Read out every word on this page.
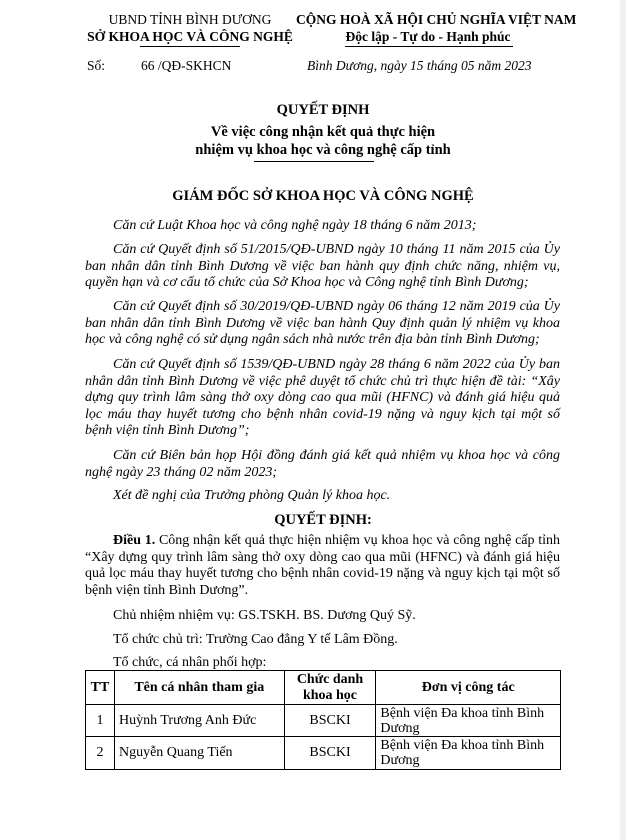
UBND TỈNH BÌNH DƯƠNG
SỞ KHOA HỌC VÀ CÔNG NGHỆ
CỘNG HOÀ XÃ HỘI CHỦ NGHĨA VIỆT NAM
Độc lập - Tự do - Hạnh phúc
Số:	66 /QĐ-SKHCN	Bình Dương, ngày 15 tháng 05 năm 2023
QUYẾT ĐỊNH
Về việc công nhận kết quả thực hiện
nhiệm vụ khoa học và công nghệ cấp tỉnh
GIÁM ĐỐC SỞ KHOA HỌC VÀ CÔNG NGHỆ
Căn cứ Luật Khoa học và công nghệ ngày 18 tháng 6 năm 2013;
Căn cứ Quyết định số 51/2015/QĐ-UBND ngày 10 tháng 11 năm 2015 của Ủy ban nhân dân tỉnh Bình Dương về việc ban hành quy định chức năng, nhiệm vụ, quyền hạn và cơ cấu tổ chức của Sở Khoa học và Công nghệ tỉnh Bình Dương;
Căn cứ Quyết định số 30/2019/QĐ-UBND ngày 06 tháng 12 năm 2019 của Ủy ban nhân dân tỉnh Bình Dương về việc ban hành Quy định quản lý nhiệm vụ khoa học và công nghệ có sử dụng ngân sách nhà nước trên địa bàn tỉnh Bình Dương;
Căn cứ Quyết định số 1539/QĐ-UBND ngày 28 tháng 6 năm 2022 của Ủy ban nhân dân tỉnh Bình Dương về việc phê duyệt tổ chức chủ trì thực hiện đề tài: “Xây dựng quy trình lâm sàng thở oxy dòng cao qua mũi (HFNC) và đánh giá hiệu quả lọc máu thay huyết tương cho bệnh nhân covid-19 nặng và nguy kịch tại một số bệnh viện tỉnh Bình Dương”;
Căn cứ Biên bản họp Hội đồng đánh giá kết quả nhiệm vụ khoa học và công nghệ ngày 23 tháng 02 năm 2023;
Xét đề nghị của Trưởng phòng Quản lý khoa học.
QUYẾT ĐỊNH:
Điều 1. Công nhận kết quả thực hiện nhiệm vụ khoa học và công nghệ cấp tỉnh “Xây dựng quy trình lâm sàng thở oxy dòng cao qua mũi (HFNC) và đánh giá hiệu quả lọc máu thay huyết tương cho bệnh nhân covid-19 nặng và nguy kịch tại một số bệnh viện tỉnh Bình Dương”.
Chủ nhiệm nhiệm vụ: GS.TSKH. BS. Dương Quý Sỹ.
Tổ chức chủ trì: Trường Cao đẳng Y tế Lâm Đồng.
Tổ chức, cá nhân phối hợp:
TT	Tên cá nhân tham gia	Chức danh khoa học	Đơn vị công tác
1	Huỳnh Trương Anh Đức	BSCKI	Bệnh viện Đa khoa tỉnh Bình Dương
2	Nguyễn Quang Tiến	BSCKI	Bệnh viện Đa khoa tỉnh Bình Dương
